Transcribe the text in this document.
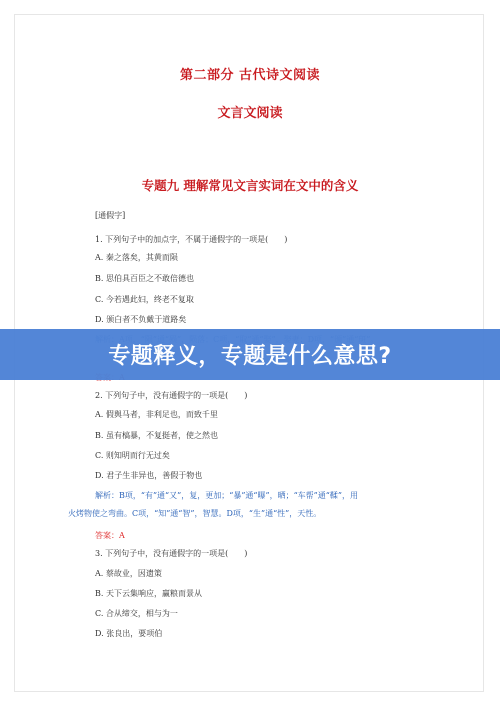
第二部分 古代诗文阅读
文言文阅读
专题九 理解常见文言实词在文中的含义
[通假字]
1. 下列句子中的加点字，不属于通假字的一项是(　　)
A. 秦之落矣，其黄而陨
B. 思伯具百臣之不敢倍德也
C. 今若遇此妇，终老不复取
D. 颁白者不负戴于道路矣
2. 下列句子中，没有通假字的一项是(　　)
A. 假舆马者，非利足也，而致千里
B. 虽有槁暴，不复挺者，使之然也
C. 则知明而行无过矣
D. 君子生非异也，善假于物也
解析：B项，“有”通“又”，复，更加；“暴”通“曝”，晒；“车帮”通“鞣”，用
火烤物使之弯曲。C项，“知”通“智”，智慧。D项，“生”通“性”，天性。
答案：A
3. 下列句子中，没有通假字的一项是(　　)
A. 蔡故业，因遗策
B. 天下云集响应，赢粮而景从
C. 合从缔交，相与为一
D. 张良出，要项伯
专题释义，专题是什么意思?
